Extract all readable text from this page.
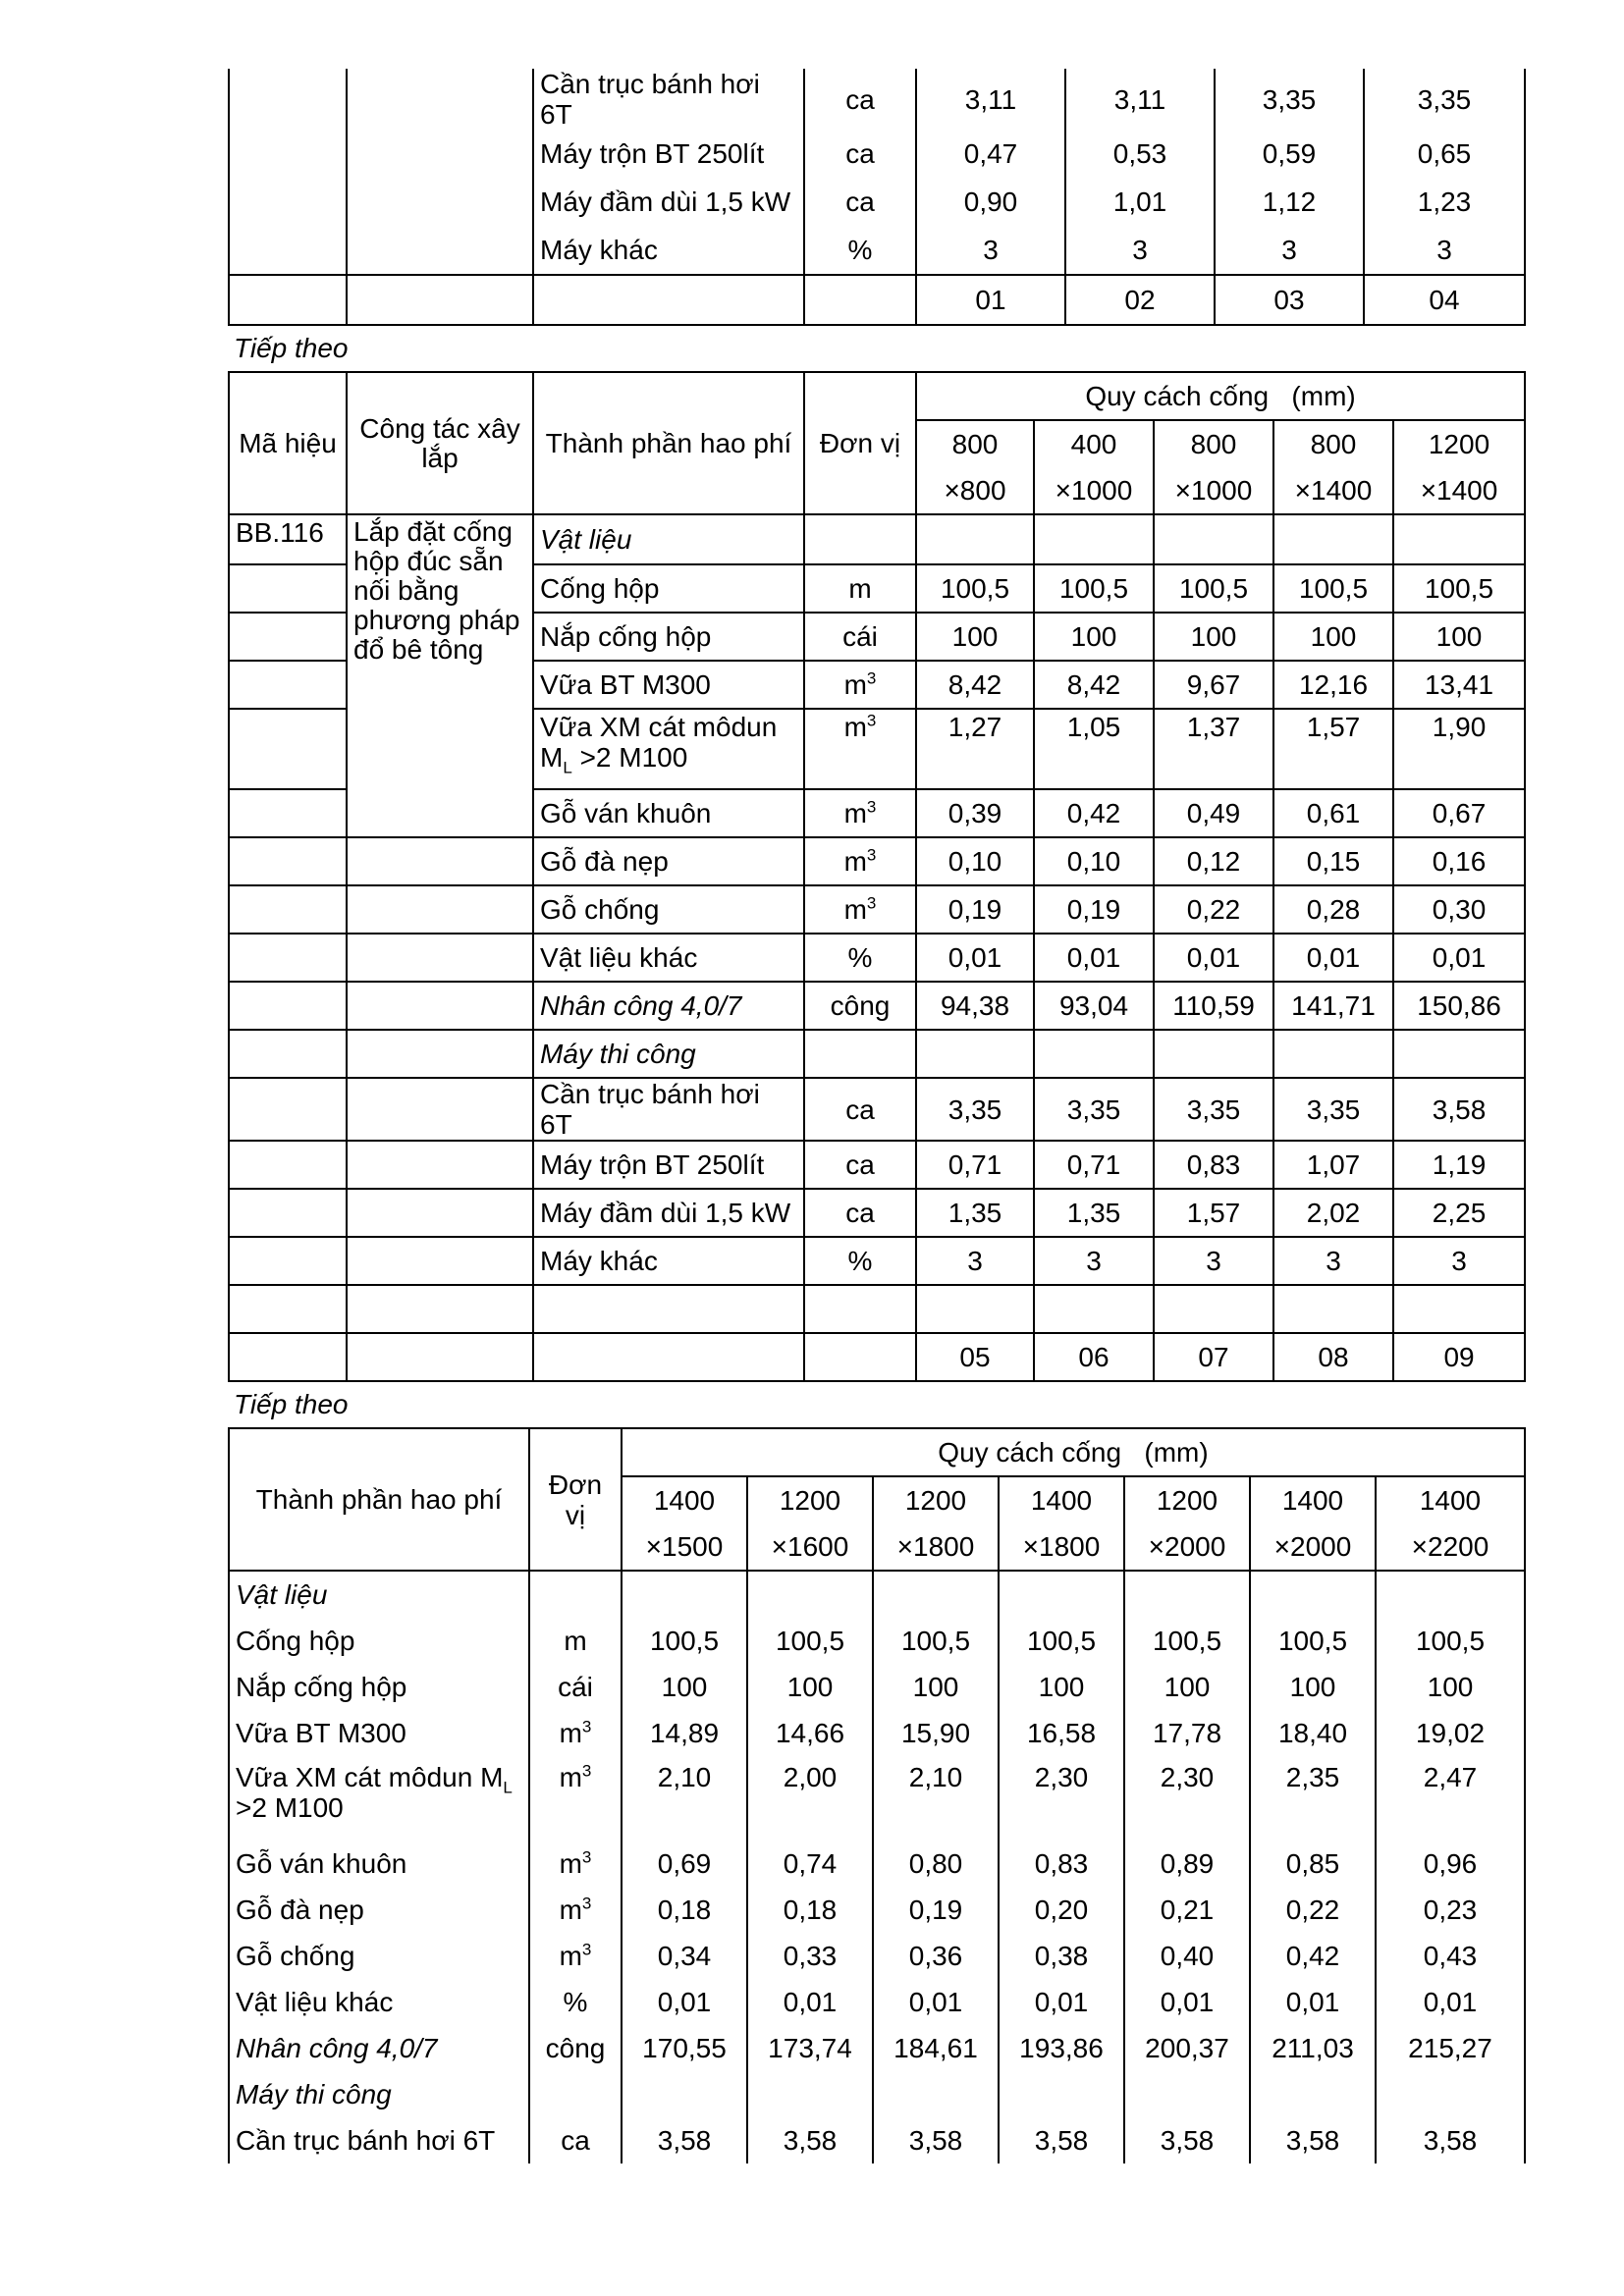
		Cần trục bánh hơi 6T	ca	3,11	3,11	3,35	3,35
		Máy trộn BT 250lít	ca	0,47	0,53	0,59	0,65
		Máy đầm dùi 1,5 kW	ca	0,90	1,01	1,12	1,23
		Máy khác	%	3	3	3	3
				01	02	03	04
Tiếp theo
Mã hiệu	Công tác xây lắp	Thành phần hao phí	Đơn vị	Quy cách cống   (mm)				
				800	400	800	800	1200
				×800	×1000	×1000	×1400	×1400
BB.116	Lắp đặt cống hộp đúc sẵn nối bằng phương pháp đổ bê tông	Vật liệu						
		Cống hộp	m	100,5	100,5	100,5	100,5	100,5
		Nắp cống hộp	cái	100	100	100	100	100
		Vữa BT M300	$m^3$	8,42	8,42	9,67	12,16	13,41
		Vữa XM cát môdun $M_L >2$ M100	$m^3$	1,27	1,05	1,37	1,57	1,90
		Gỗ ván khuôn	$m^3$	0,39	0,42	0,49	0,61	0,67
		Gỗ đà nẹp	$m^3$	0,10	0,10	0,12	0,15	0,16
		Gỗ chống	$m^3$	0,19	0,19	0,22	0,28	0,30
		Vật liệu khác	%	0,01	0,01	0,01	0,01	0,01
		Nhân công 4,0/7	công	94,38	93,04	110,59	141,71	150,86
		Máy thi công						
		Cần trục bánh hơi 6T	ca	3,35	3,35	3,35	3,35	3,58
		Máy trộn BT 250lít	ca	0,71	0,71	0,83	1,07	1,19
		Máy đầm dùi 1,5 kW	ca	1,35	1,35	1,57	2,02	2,25
		Máy khác	%	3	3	3	3	3

				05	06	07	08	09
Tiếp theo
Thành phần hao phí	Đơn vị	Quy cách cống   (mm)						
		1400	1200	1200	1400	1200	1400	1400
		×1500	×1600	×1800	×1800	×2000	×2000	×2200
Vật liệu								
Cống hộp	m	100,5	100,5	100,5	100,5	100,5	100,5	100,5
Nắp cống hộp	cái	100	100	100	100	100	100	100
Vữa BT M300	$m^3$	14,89	14,66	15,90	16,58	17,78	18,40	19,02
Vữa XM cát môdun $M_L >2$ M100	$m^3$	2,10	2,00	2,10	2,30	2,30	2,35	2,47
Gỗ ván khuôn	$m^3$	0,69	0,74	0,80	0,83	0,89	0,85	0,96
Gỗ đà nẹp	$m^3$	0,18	0,18	0,19	0,20	0,21	0,22	0,23
Gỗ chống	$m^3$	0,34	0,33	0,36	0,38	0,40	0,42	0,43
Vật liệu khác	%	0,01	0,01	0,01	0,01	0,01	0,01	0,01
Nhân công 4,0/7	công	170,55	173,74	184,61	193,86	200,37	211,03	215,27
Máy thi công								
Cần trục bánh hơi 6T	ca	3,58	3,58	3,58	3,58	3,58	3,58	3,58
